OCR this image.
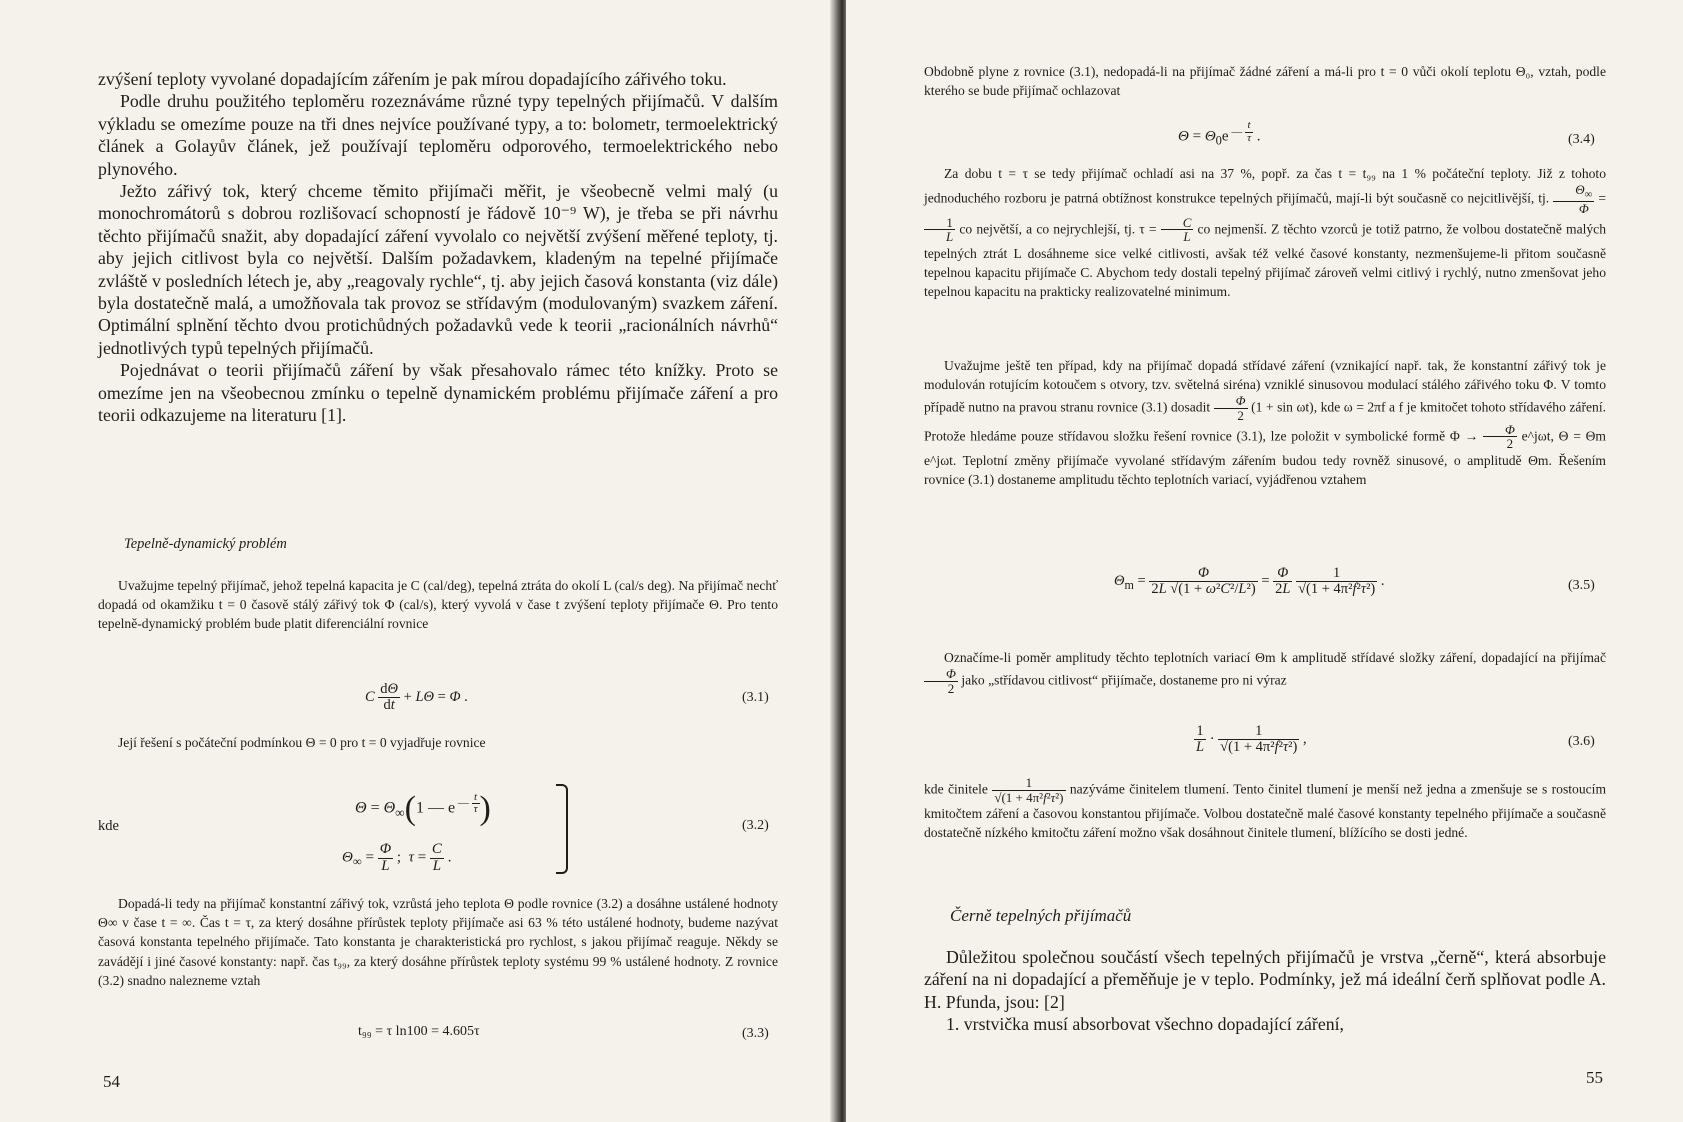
zvýšení teploty vyvolané dopadajícím zářením je pak mírou dopadajícího zářivého toku.

Podle druhu použitého teploměru rozeznáváme různé typy tepelných přijímačů. V dalším výkladu se omezíme pouze na tři dnes nejvíce používané typy, a to: bolometr, termoelektrický článek a Golayův článek, jež používají teploměru odporového, termoelektrického nebo plynového.

Ježto zářivý tok, který chceme těmito přijímači měřit, je všeobecně velmi malý (u monochromátorů s dobrou rozlišovací schopností je řádově 10⁻⁹ W), je třeba se při návrhu těchto přijímačů snažit, aby dopadající záření vyvolalo co největší zvýšení měřené teploty, tj. aby jejich citlivost byla co největší. Dalším požadavkem, kladeným na tepelné přijímače zvláště v posledních létech je, aby „reagovaly rychle“, tj. aby jejich časová konstanta (viz dále) byla dostatečně malá, a umožňovala tak provoz se střídavým (modulovaným) svazkem záření. Optimální splnění těchto dvou protichůdných požadavků vede k teorii „racionálních návrhů“ jednotlivých typů tepelných přijímačů.

Pojednávat o teorii přijímačů záření by však přesahovalo rámec této knížky. Proto se omezíme jen na všeobecnou zmínku o tepelně dynamickém problému přijímače záření a pro teorii odkazujeme na literaturu [1].

Tepelně-dynamický problém

Uvažujme tepelný přijímač, jehož tepelná kapacita je C (cal/deg), tepelná ztráta do okolí L (cal/s deg). Na přijímač nechť dopadá od okamžiku t = 0 časově stálý zářivý tok Φ (cal/s), který vyvolá v čase t zvýšení teploty přijímače Θ. Pro tento tepelně-dynamický problém bude platit diferenciální rovnice

C $\frac{d\Theta}{dt} + L\Theta = \Phi$ .	(3.1)

Její řešení s počáteční podmínkou Θ = 0 pro t = 0 vyjadřuje rovnice

kde
$\Theta = \Theta_\infty(1$ — e $^{— \frac{t}{\tau}}$ )
$\Theta_\infty = \frac{\Phi}{L}$ ;  $\tau = \frac{C}{L}$ .
(3.2)

Dopadá-li tedy na přijímač konstantní zářivý tok, vzrůstá jeho teplota Θ podle rovnice (3.2) a dosáhne ustálené hodnoty Θ∞ v čase t = ∞. Čas t = τ, za který dosáhne přírůstek teploty přijímače asi 63 % této ustálené hodnoty, budeme nazývat časová konstanta tepelného přijímače. Tato konstanta je charakteristická pro rychlost, s jakou přijímač reaguje. Někdy se zavádějí i jiné časové konstanty: např. čas t₉₉, za který dosáhne přírůstek teploty systému 99 % ustálené hodnoty. Z rovnice (3.2) snadno nalezneme vztah

t₉₉ = τ ln100 = 4.605τ	(3.3)
54

Obdobně plyne z rovnice (3.1), nedopadá-li na přijímač žádné záření a má-li pro t = 0 vůči okolí teplotu Θ₀, vztah, podle kterého se bude přijímač ochlazovat

$\Theta = \Theta_0e$ $^{— \frac{t}{\tau}}$ .	(3.4)

Za dobu t = τ se tedy přijímač ochladí asi na 37 %, popř. za čas t = t₉₉ na 1 % počáteční teploty. Již z tohoto jednoduchého rozboru je patrná obtížnost konstrukce tepelných přijímačů, mají-li být současně co nejcitlivější, tj. $\frac{\Theta_\infty}{\Phi}$ =
$\frac{1}{L}$ co největší, a co nejrychlejší, tj. $\tau = \frac{C}{L}$ co nejmenší. Z těchto vzorců je totiž patrno, že volbou dostatečně malých tepelných ztrát L dosáhneme sice velké citlivosti, avšak též velké časové konstanty, nezmenšujeme-li přitom současně tepelnou kapacitu přijímače C. Abychom tedy dostali tepelný přijímač zároveň velmi citlivý i rychlý, nutno zmenšovat jeho tepelnou kapacitu na prakticky realizovatelné minimum.

Uvažujme ještě ten případ, kdy na přijímač dopadá střídavé záření (vznikající např. tak, že konstantní zářivý tok je modulován rotujícím kotoučem s otvory, tzv. světelná siréna) vzniklé sinusovou modulací stálého zářivého toku Φ. V tomto případě nutno na pravou stranu rovnice (3.1) dosadit $\frac{\Phi}{2} (1 + \sin \omega t)$, kde ω = 2πf a f je kmitočet tohoto střídavého záření. Protože hledáme pouze střídavou složku řešení rovnice (3.1), lze položit v symbolické formě $\Phi \to \frac{\Phi}{2}$ e^jωt, Θ = Θm e^jωt. Teplotní změny přijímače vyvolané střídavým zářením budou tedy rovněž sinusové, o amplitudě Θm. Řešením rovnice (3.1) dostaneme amplitudu těchto teplotních variací, vyjádřenou vztahem

$\Theta_m = \frac{\Phi}{\text{2L √(1 + ω²C²/L²)}} = \frac{\Phi}{2L}$
$\frac{1}{\text{√(1 + 4π²f²τ²)}}$ .	(3.5)

Označíme-li poměr amplitudy těchto teplotních variací Θm k amplitudě střídavé složky záření, dopadající na přijímač
$\frac{\Phi}{2}$ jako „střídavou citlivost“ přijímače, dostaneme pro ni výraz

$\frac{1}{L} \cdot \frac{1}{\text{√(1 + 4π²f²τ²)}}$ ,	(3.6)

kde činitele $\frac{1}{\text{√(1 + 4π²f²τ²)}}$ nazýváme činitelem tlumení. Tento činitel tlumení je menší než jedna a zmenšuje se s rostoucím kmitočtem záření a časovou konstantou přijímače. Volbou dostatečně malé časové konstanty tepelného přijímače a současně dostatečně nízkého kmitočtu záření možno však dosáhnout činitele tlumení, blížícího se dosti jedné.

Černě tepelných přijímačů

Důležitou společnou součástí všech tepelných přijímačů je vrstva „černě“, která absorbuje záření na ni dopadající a přeměňuje je v teplo. Podmínky, jež má ideální čerň splňovat podle A. H. Pfunda, jsou: [2]

1. vrstvička musí absorbovat všechno dopadající záření,

55
